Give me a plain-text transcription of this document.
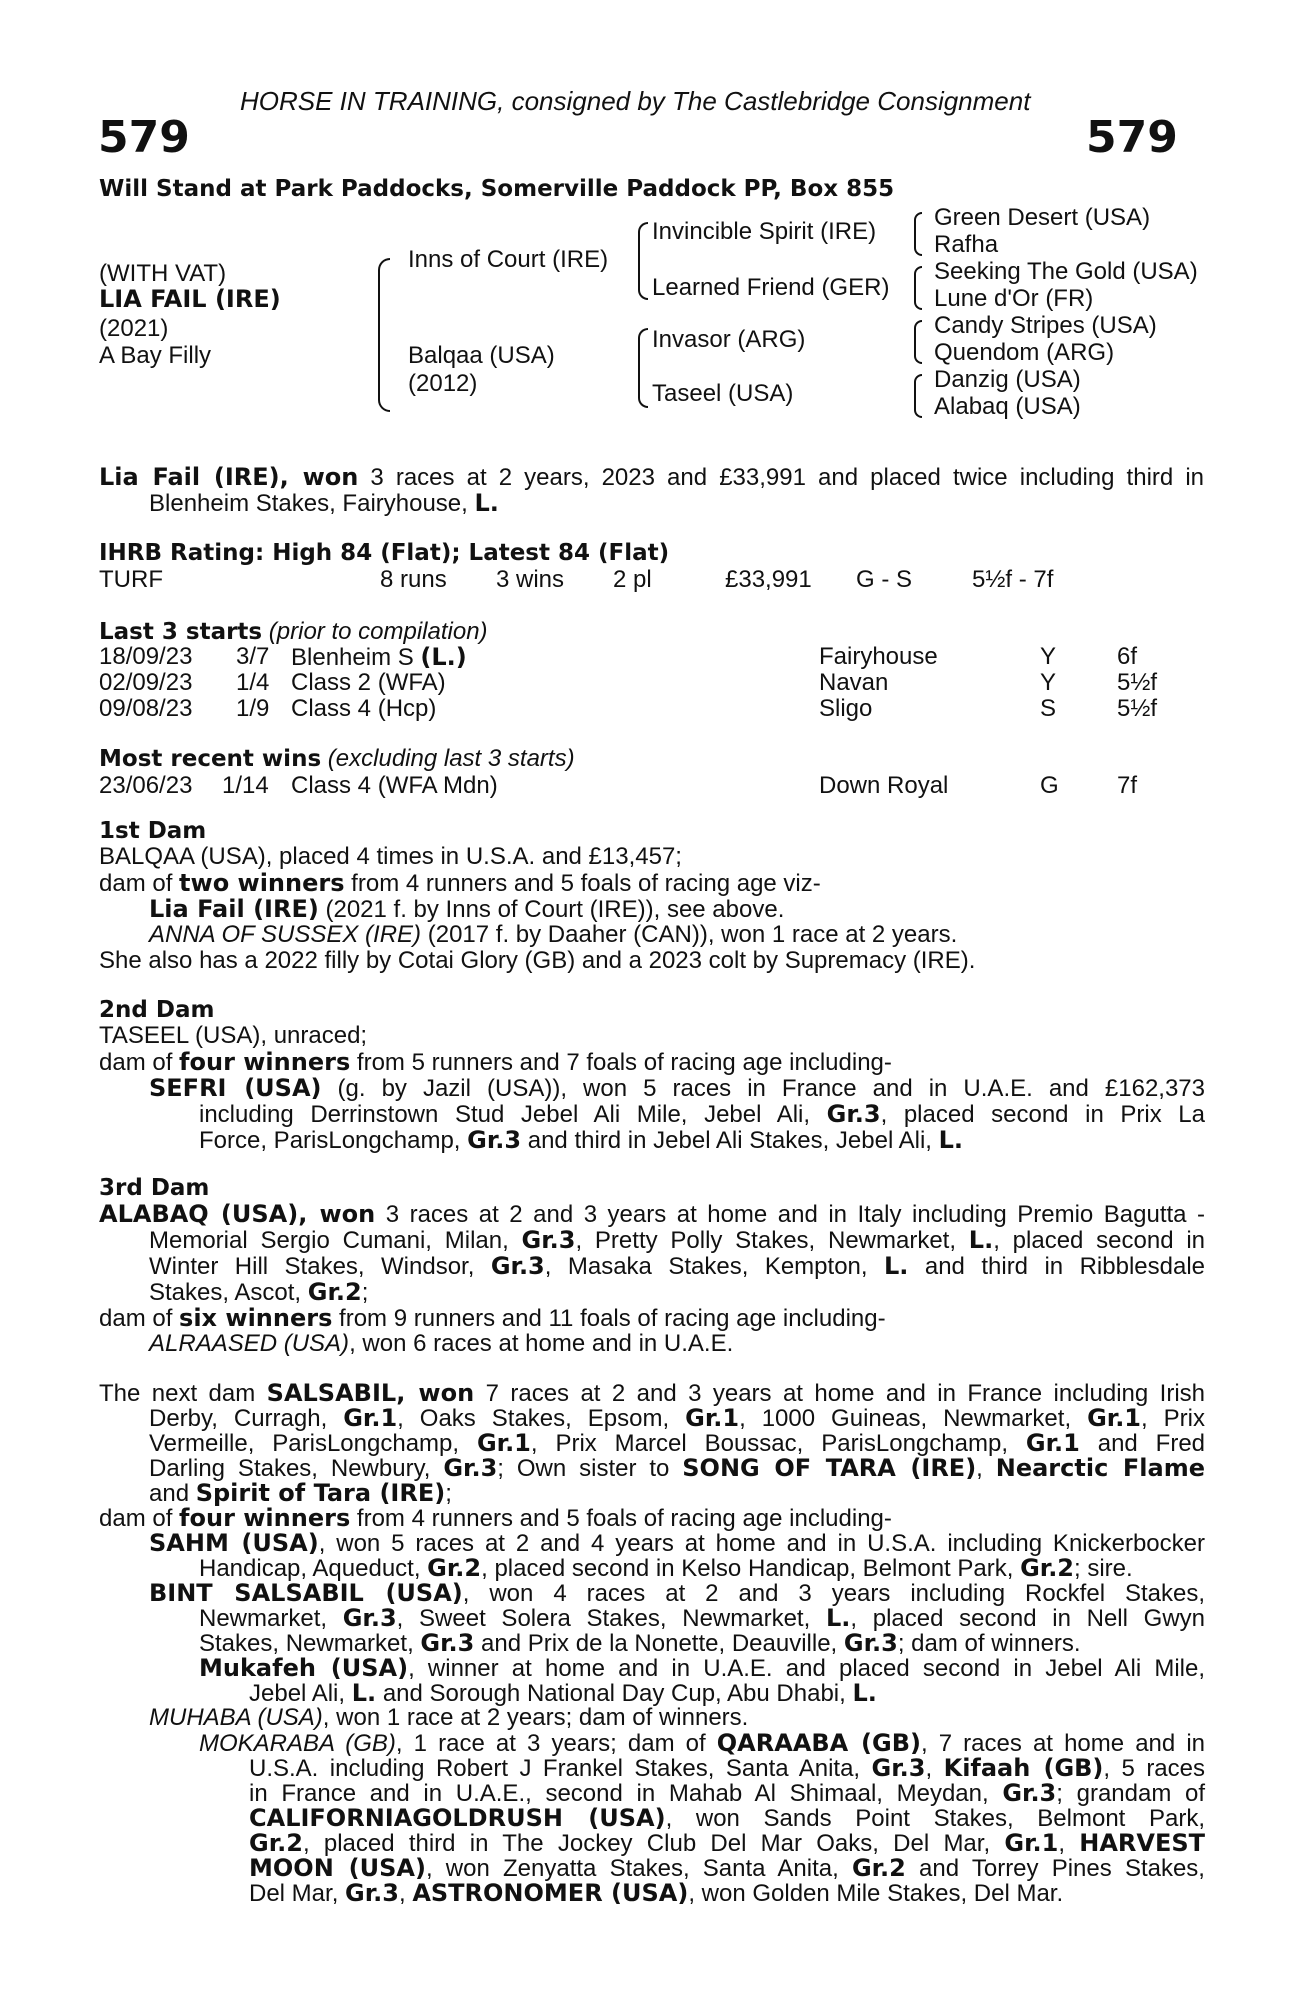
HORSE IN TRAINING, consigned by The Castlebridge Consignment
579	579
Will Stand at Park Paddocks, Somerville Paddock PP, Box 855
(WITH VAT)
LIA FAIL (IRE)
(2021)
A Bay Filly
Inns of Court (IRE)
Balqaa (USA)
(2012)
Invincible Spirit (IRE)
Learned Friend (GER)
Invasor (ARG)
Taseel (USA)
Green Desert (USA)
Rafha
Seeking The Gold (USA)
Lune d'Or (FR)
Candy Stripes (USA)
Quendom (ARG)
Danzig (USA)
Alabaq (USA)
Lia Fail (IRE), won 3 races at 2 years, 2023 and £33,991 and placed twice including third in
Blenheim Stakes, Fairyhouse, L.
IHRB Rating: High 84 (Flat); Latest 84 (Flat)
TURF	8 runs 3 wins 2 pl	£33,991 G - S 5½f - 7f
Last 3 starts (prior to compilation)
18/09/23 3/7 Blenheim S (L.)	Fairyhouse	Y	6f
02/09/23 1/4 Class 2 (WFA)	Navan	Y	5½f
09/08/23 1/9 Class 4 (Hcp)	Sligo	S	5½f
Most recent wins (excluding last 3 starts)
23/06/23 1/14 Class 4 (WFA Mdn)	Down Royal	G 7f
1st Dam
BALQAA (USA), placed 4 times in U.S.A. and £13,457;
dam of two winners from 4 runners and 5 foals of racing age viz-
Lia Fail (IRE) (2021 f. by Inns of Court (IRE)), see above.
ANNA OF SUSSEX (IRE) (2017 f. by Daaher (CAN)), won 1 race at 2 years.
She also has a 2022 filly by Cotai Glory (GB) and a 2023 colt by Supremacy (IRE).
2nd Dam
TASEEL (USA), unraced;
dam of four winners from 5 runners and 7 foals of racing age including-
SEFRI (USA) (g. by Jazil (USA)), won 5 races in France and in U.A.E. and £162,373
including Derrinstown Stud Jebel Ali Mile, Jebel Ali, Gr.3, placed second in Prix La
Force, ParisLongchamp, Gr.3 and third in Jebel Ali Stakes, Jebel Ali, L.
3rd Dam
ALABAQ (USA), won 3 races at 2 and 3 years at home and in Italy including Premio Bagutta -
Memorial Sergio Cumani, Milan, Gr.3, Pretty Polly Stakes, Newmarket, L., placed second in
Winter Hill Stakes, Windsor, Gr.3, Masaka Stakes, Kempton, L. and third in Ribblesdale
Stakes, Ascot, Gr.2;
dam of six winners from 9 runners and 11 foals of racing age including-
ALRAASED (USA), won 6 races at home and in U.A.E.
The next dam SALSABIL, won 7 races at 2 and 3 years at home and in France including Irish
Derby, Curragh, Gr.1, Oaks Stakes, Epsom, Gr.1, 1000 Guineas, Newmarket, Gr.1, Prix
Vermeille, ParisLongchamp, Gr.1, Prix Marcel Boussac, ParisLongchamp, Gr.1 and Fred
Darling Stakes, Newbury, Gr.3; Own sister to SONG OF TARA (IRE), Nearctic Flame
and Spirit of Tara (IRE);
dam of four winners from 4 runners and 5 foals of racing age including-
SAHM (USA), won 5 races at 2 and 4 years at home and in U.S.A. including Knickerbocker
Handicap, Aqueduct, Gr.2, placed second in Kelso Handicap, Belmont Park, Gr.2; sire.
BINT SALSABIL (USA), won 4 races at 2 and 3 years including Rockfel Stakes,
Newmarket, Gr.3, Sweet Solera Stakes, Newmarket, L., placed second in Nell Gwyn
Stakes, Newmarket, Gr.3 and Prix de la Nonette, Deauville, Gr.3; dam of winners.
Mukafeh (USA), winner at home and in U.A.E. and placed second in Jebel Ali Mile,
Jebel Ali, L. and Sorough National Day Cup, Abu Dhabi, L.
MUHABA (USA), won 1 race at 2 years; dam of winners.
MOKARABA (GB), 1 race at 3 years; dam of QARAABA (GB), 7 races at home and in
U.S.A. including Robert J Frankel Stakes, Santa Anita, Gr.3, Kifaah (GB), 5 races
in France and in U.A.E., second in Mahab Al Shimaal, Meydan, Gr.3; grandam of
CALIFORNIAGOLDRUSH (USA), won Sands Point Stakes, Belmont Park,
Gr.2, placed third in The Jockey Club Del Mar Oaks, Del Mar, Gr.1, HARVEST
MOON (USA), won Zenyatta Stakes, Santa Anita, Gr.2 and Torrey Pines Stakes,
Del Mar, Gr.3, ASTRONOMER (USA), won Golden Mile Stakes, Del Mar.
